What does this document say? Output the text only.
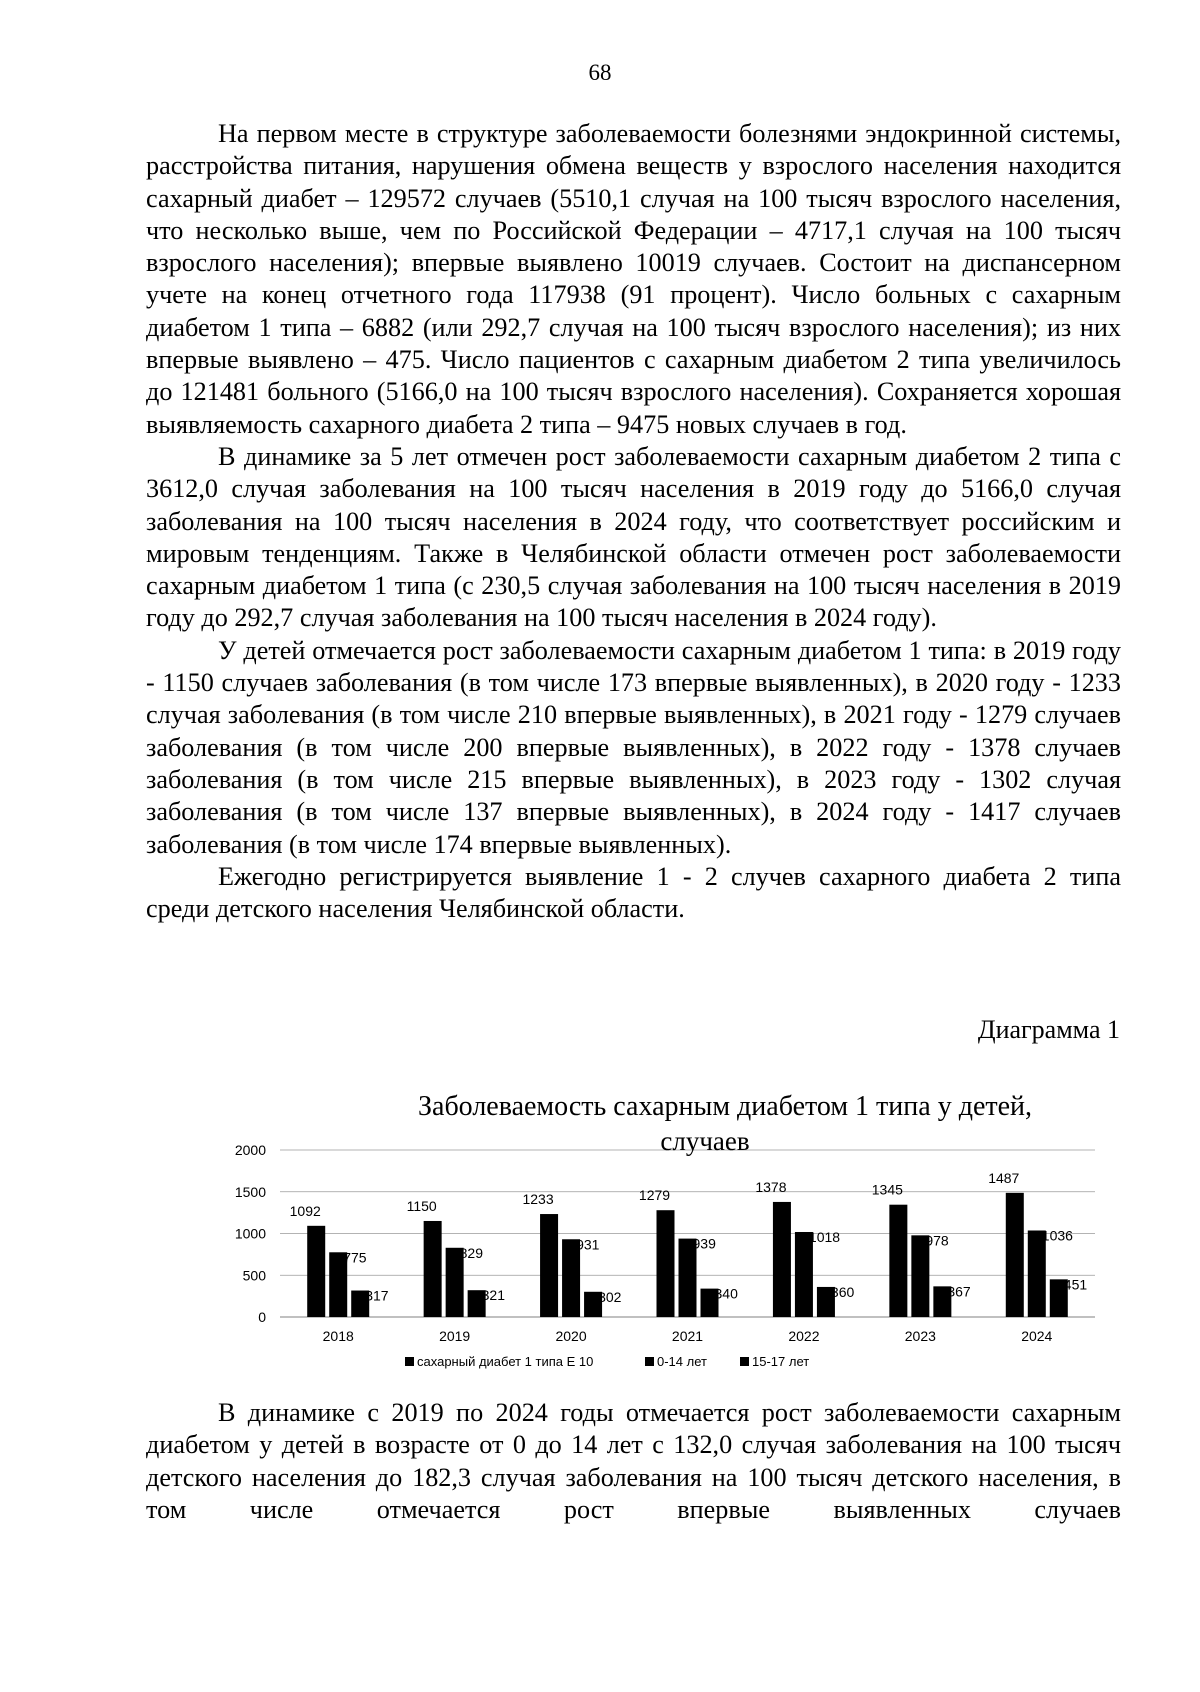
68

На первом месте в структуре заболеваемости болезнями эндокринной системы, расстройства питания, нарушения обмена веществ у взрослого населения находится сахарный диабет – 129572 случаев (5510,1 случая на 100 тысяч взрослого населения, что несколько выше, чем по Российской Федерации – 4717,1 случая на 100 тысяч взрослого населения); впервые выявлено 10019 случаев. Состоит на диспансерном учете на конец отчетного года 117938 (91 процент). Число больных с сахарным диабетом 1 типа – 6882 (или 292,7 случая на 100 тысяч взрослого населения); из них впервые выявлено – 475. Число пациентов с сахарным диабетом 2 типа увеличилось до 121481 больного (5166,0 на 100 тысяч взрослого населения). Сохраняется хорошая выявляемость сахарного диабета 2 типа – 9475 новых случаев в год.

В динамике за 5 лет отмечен рост заболеваемости сахарным диабетом 2 типа с 3612,0 случая заболевания на 100 тысяч населения в 2019 году до 5166,0 случая заболевания на 100 тысяч населения в 2024 году, что соответствует российским и мировым тенденциям. Также в Челябинской области отмечен рост заболеваемости сахарным диабетом 1 типа (с 230,5 случая заболевания на 100 тысяч населения в 2019 году до 292,7 случая заболевания на 100 тысяч населения в 2024 году).

У детей отмечается рост заболеваемости сахарным диабетом 1 типа: в 2019 году - 1150 случаев заболевания (в том числе 173 впервые выявленных), в 2020 году - 1233 случая заболевания (в том числе 210 впервые выявленных), в 2021 году - 1279 случаев заболевания (в том числе 200 впервые выявленных), в 2022 году - 1378 случаев заболевания (в том числе 215 впервые выявленных), в 2023 году - 1302 случая заболевания (в том числе 137 впервые выявленных), в 2024 году - 1417 случаев заболевания (в том числе 174 впервые выявленных).

Ежегодно регистрируется выявление 1 - 2 случев сахарного диабета 2 типа среди детского населения Челябинской области.

Диаграмма 1
0
500
1000
1500
2000
1092
775
317
2018
1150
829
321
2019
1233
931
302
2020
1279
939
340
2021
1378
1018
360
2022
1345
978
367
2023
1487
1036
451
2024
сахарный диабет 1 типа Е 10	0-14 лет	15-17 лет
Заболеваемость сахарным диабетом 1 типа у детей,
случаев

В динамике с 2019 по 2024 годы отмечается рост заболеваемости сахарным диабетом у детей в возрасте от 0 до 14 лет с 132,0 случая заболевания на 100 тысяч детского населения до 182,3 случая заболевания на 100 тысяч детского населения, в том числе отмечается рост впервые выявленных случаев
